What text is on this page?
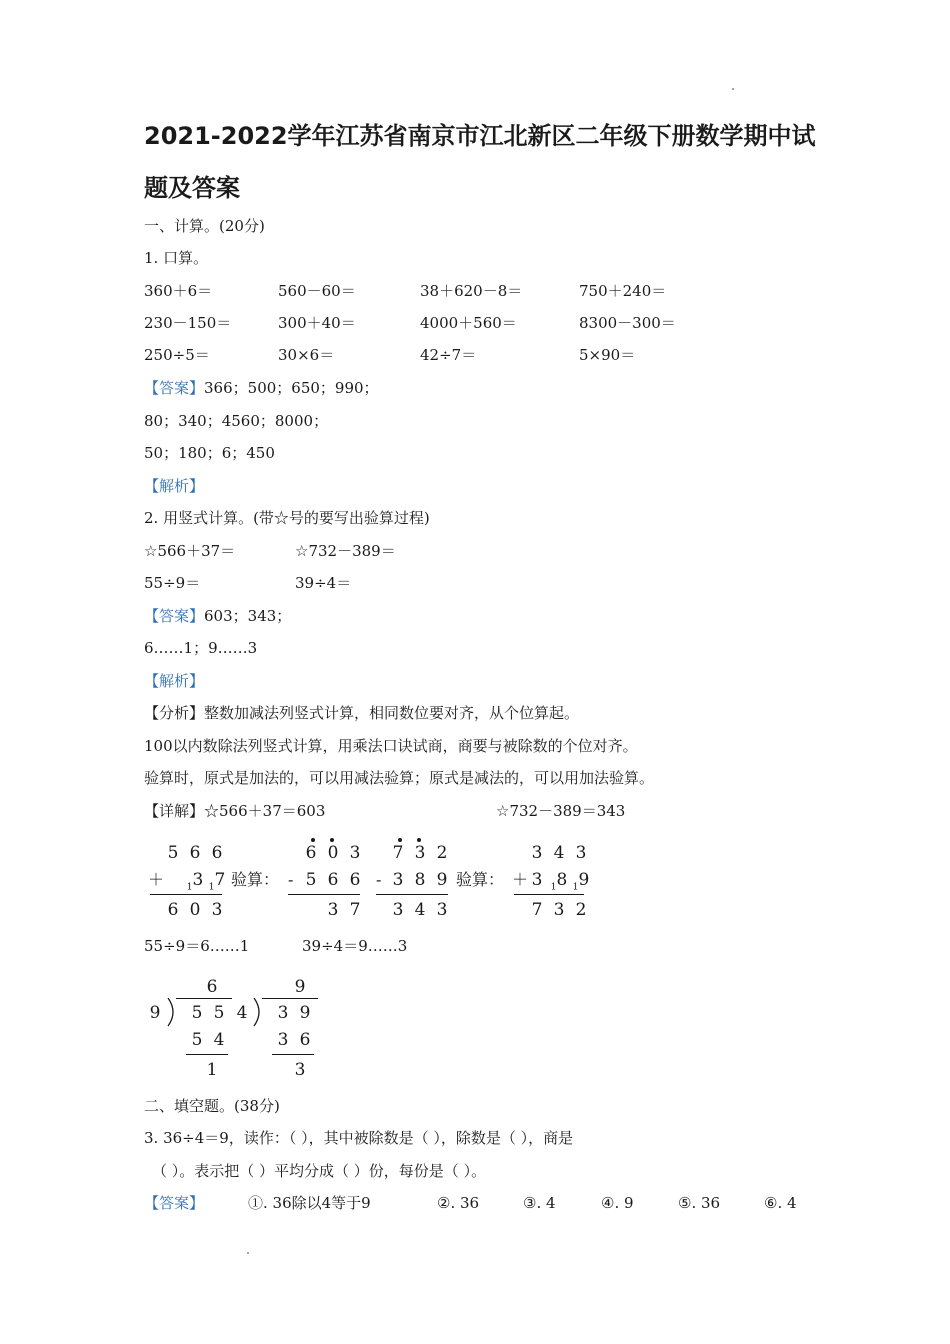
2021-2022学年江苏省南京市江北新区二年级下册数学期中试题及答案
一、计算。(20分)
1. 口算。
360＋6＝	560－60＝	38＋620－8＝	750＋240＝
230－150＝	300＋40＝	4000＋560＝	8300－300＝
250÷5＝	30×6＝	42÷7＝	5×90＝
【答案】366；500；650；990；
80；340；4560；8000；
50；180；6；450
【解析】
2. 用竖式计算。(带☆号的要写出验算过程)
☆566＋37＝	☆732－389＝
55÷9＝	39÷4＝
【答案】603；343；
6……1；9……3
【解析】
【分析】整数加减法列竖式计算，相同数位要对齐，从个位算起。
100以内数除法列竖式计算，用乘法口诀试商，商要与被除数的个位对齐。
验算时，原式是加法的，可以用减法验算；原式是减法的，可以用加法验算。
【详解】☆566＋37＝603	☆732－389＝343
5 6 6
＋	$_1$3 $_1$7
6 0 3
验算：
6 0 3
- 5 6 6
3 7
7 3 2
- 3 8 9
3 4 3
验算：
3 4 3
＋ 3 $_1$8 $_1$9
7 3 2
55÷9＝6……1	39÷4＝9……3
6
9	5 5
5 4
1
9
4	3 9
3 6
3
二、填空题。(38分)
3. 36÷4＝9，读作：（ ），其中被除数是（ ），除数是（ ），商是
（ ）。表示把（ ）平均分成（ ）份，每份是（ ）。
【答案】	①. 36除以4等于9	②. 36	③. 4	④. 9	⑤. 36	⑥. 4
